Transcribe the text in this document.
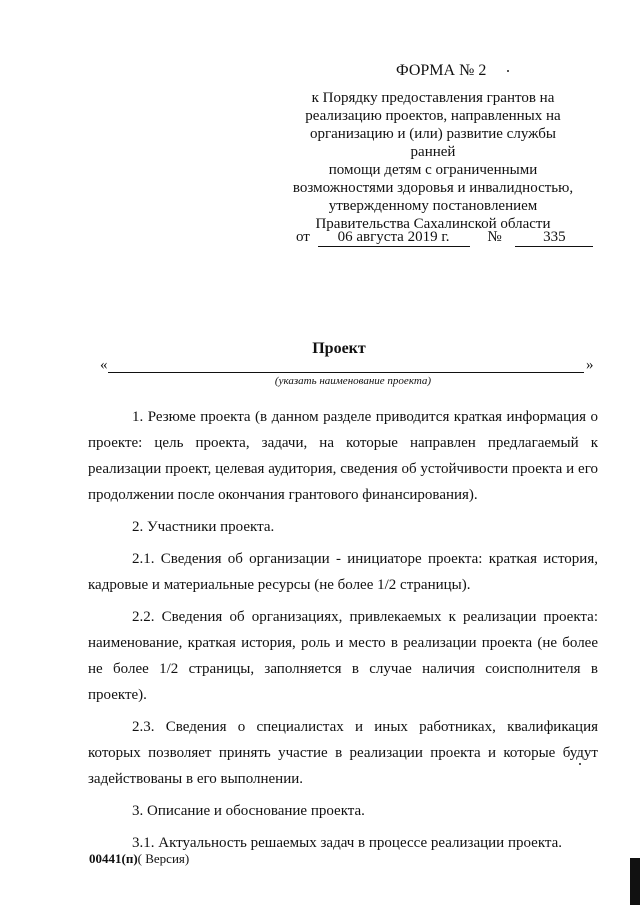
ФОРМА № 2
к Порядку предоставления грантов на
реализацию проектов, направленных на
организацию и (или) развитие службы ранней
помощи детям с ограниченными
возможностями здоровья и инвалидностью,
утвержденному постановлением
Правительства Сахалинской области
от 06 августа 2019 г.	№	335
Проект
«	»
(указать наименование проекта)

1. Резюме проекта (в данном разделе приводится краткая информация о проекте: цель проекта, задачи, на которые направлен предлагаемый к реализации проект, целевая аудитория, сведения об устойчивости проекта и его продолжении после окончания грантового финансирования).

2. Участники проекта.

2.1. Сведения об организации - инициаторе проекта: краткая история, кадровые и материальные ресурсы (не более 1/2 страницы).

2.2. Сведения об организациях, привлекаемых к реализации проекта: наименование, краткая история, роль и место в реализации проекта (не более не более 1/2 страницы, заполняется в случае наличия соисполнителя в проекте).

2.3. Сведения о специалистах и иных работниках, квалификация которых позволяет принять участие в реализации проекта и которые будут задействованы в его выполнении.

3. Описание и обоснование проекта.

3.1. Актуальность решаемых задач в процессе реализации проекта.

00441(п)( Версия)
